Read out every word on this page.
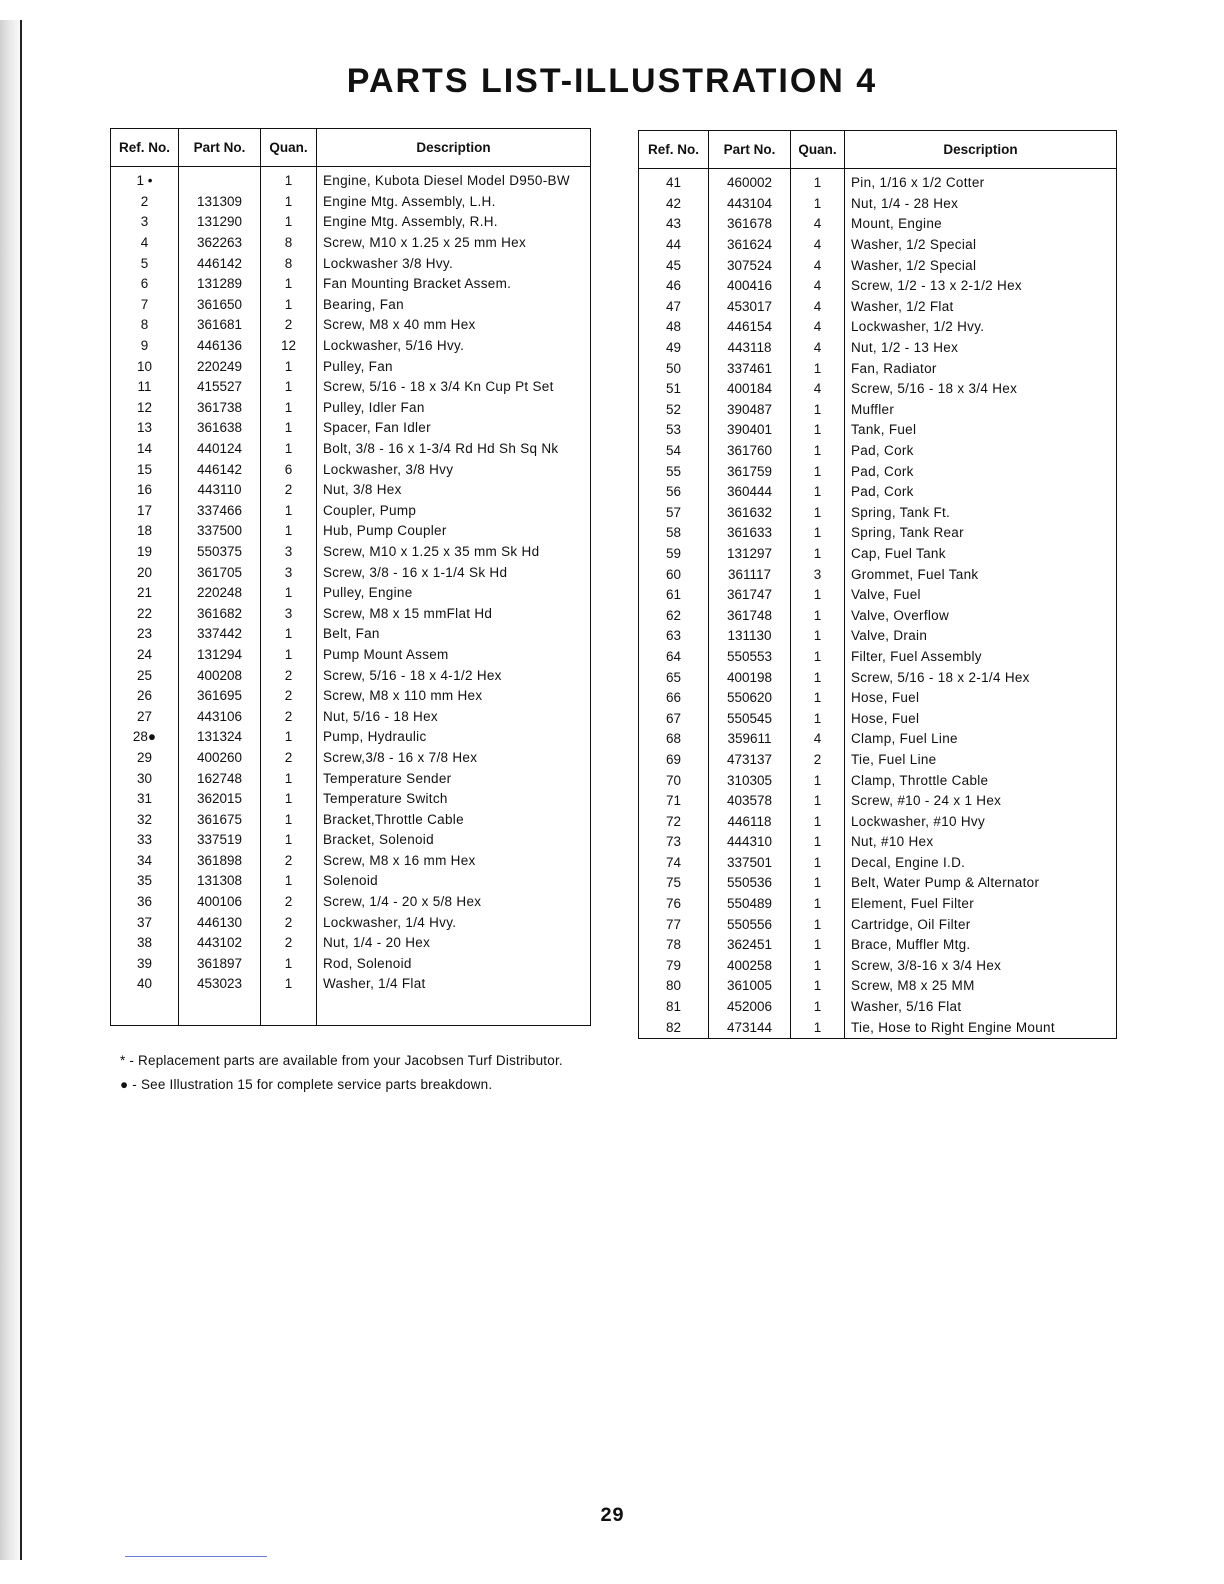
PARTS LIST-ILLUSTRATION 4
Ref. No.	Part No.	Quan.	Description
1 •		1	Engine, Kubota Diesel Model D950-BW
2	131309	1	Engine Mtg. Assembly, L.H.
3	131290	1	Engine Mtg. Assembly, R.H.
4	362263	8	Screw, M10 x 1.25 x 25 mm Hex
5	446142	8	Lockwasher 3/8 Hvy.
6	131289	1	Fan Mounting Bracket Assem.
7	361650	1	Bearing, Fan
8	361681	2	Screw, M8 x 40 mm Hex
9	446136	12	Lockwasher, 5/16 Hvy.
10	220249	1	Pulley, Fan
11	415527	1	Screw, 5/16 - 18 x 3/4 Kn Cup Pt Set
12	361738	1	Pulley, Idler Fan
13	361638	1	Spacer, Fan Idler
14	440124	1	Bolt, 3/8 - 16 x 1-3/4 Rd Hd Sh Sq Nk
15	446142	6	Lockwasher, 3/8 Hvy
16	443110	2	Nut, 3/8 Hex
17	337466	1	Coupler, Pump
18	337500	1	Hub, Pump Coupler
19	550375	3	Screw, M10 x 1.25 x 35 mm Sk Hd
20	361705	3	Screw, 3/8 - 16 x 1-1/4 Sk Hd
21	220248	1	Pulley, Engine
22	361682	3	Screw, M8 x 15 mmFlat Hd
23	337442	1	Belt, Fan
24	131294	1	Pump Mount Assem
25	400208	2	Screw, 5/16 - 18 x 4-1/2 Hex
26	361695	2	Screw, M8 x 110 mm Hex
27	443106	2	Nut, 5/16 - 18 Hex
28●	131324	1	Pump, Hydraulic
29	400260	2	Screw,3/8 - 16 x 7/8 Hex
30	162748	1	Temperature Sender
31	362015	1	Temperature Switch
32	361675	1	Bracket,Throttle Cable
33	337519	1	Bracket, Solenoid
34	361898	2	Screw, M8 x 16 mm Hex
35	131308	1	Solenoid
36	400106	2	Screw, 1/4 - 20 x 5/8 Hex
37	446130	2	Lockwasher, 1/4 Hvy.
38	443102	2	Nut, 1/4 - 20 Hex
39	361897	1	Rod, Solenoid
40	453023	1	Washer, 1/4 Flat

Ref. No.	Part No.	Quan.	Description
41	460002	1	Pin, 1/16 x 1/2 Cotter
42	443104	1	Nut, 1/4 - 28 Hex
43	361678	4	Mount, Engine
44	361624	4	Washer, 1/2 Special
45	307524	4	Washer, 1/2 Special
46	400416	4	Screw, 1/2 - 13 x 2-1/2 Hex
47	453017	4	Washer, 1/2 Flat
48	446154	4	Lockwasher, 1/2 Hvy.
49	443118	4	Nut, 1/2 - 13 Hex
50	337461	1	Fan, Radiator
51	400184	4	Screw, 5/16 - 18 x 3/4 Hex
52	390487	1	Muffler
53	390401	1	Tank, Fuel
54	361760	1	Pad, Cork
55	361759	1	Pad, Cork
56	360444	1	Pad, Cork
57	361632	1	Spring, Tank Ft.
58	361633	1	Spring, Tank Rear
59	131297	1	Cap, Fuel Tank
60	361117	3	Grommet, Fuel Tank
61	361747	1	Valve, Fuel
62	361748	1	Valve, Overflow
63	131130	1	Valve, Drain
64	550553	1	Filter, Fuel Assembly
65	400198	1	Screw, 5/16 - 18 x 2-1/4 Hex
66	550620	1	Hose, Fuel
67	550545	1	Hose, Fuel
68	359611	4	Clamp, Fuel Line
69	473137	2	Tie, Fuel Line
70	310305	1	Clamp, Throttle Cable
71	403578	1	Screw, #10 - 24 x 1 Hex
72	446118	1	Lockwasher, #10 Hvy
73	444310	1	Nut, #10 Hex
74	337501	1	Decal, Engine I.D.
75	550536	1	Belt, Water Pump & Alternator
76	550489	1	Element, Fuel Filter
77	550556	1	Cartridge, Oil Filter
78	362451	1	Brace, Muffler Mtg.
79	400258	1	Screw, 3/8-16 x 3/4 Hex
80	361005	1	Screw, M8 x 25 MM
81	452006	1	Washer, 5/16 Flat
82	473144	1	Tie, Hose to Right Engine Mount
* - Replacement parts are available from your Jacobsen Turf Distributor.
● - See Illustration 15 for complete service parts breakdown.
29
